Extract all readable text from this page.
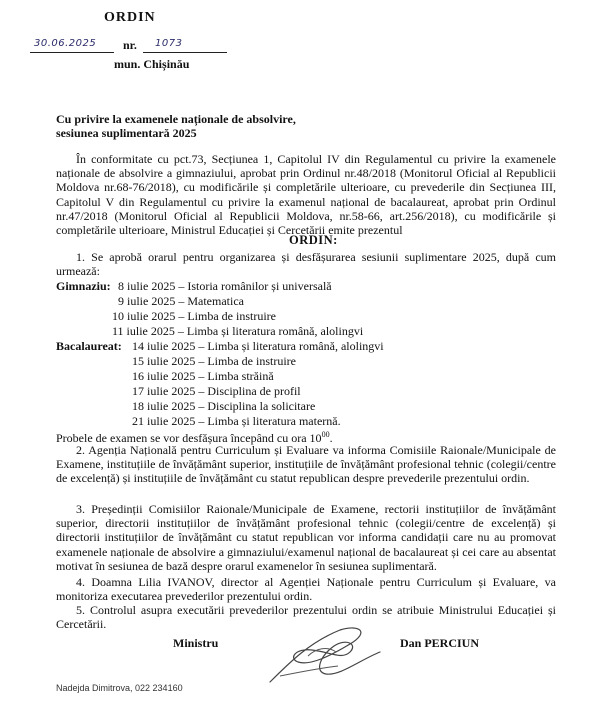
ORDIN
30.06.2025 nr. 1073
mun. Chișinău
Cu privire la examenele naționale de absolvire,
sesiunea suplimentară 2025
În conformitate cu pct.73, Secțiunea 1, Capitolul IV din Regulamentul cu privire la examenele naționale de absolvire a gimnaziului, aprobat prin Ordinul nr.48/2018 (Monitorul Oficial al Republicii Moldova nr.68-76/2018), cu modificările și completările ulterioare, cu prevederile din Secțiunea III, Capitolul V din Regulamentul cu privire la examenul național de bacalaureat, aprobat prin Ordinul nr.47/2018 (Monitorul Oficial al Republicii Moldova, nr.58-66, art.256/2018), cu modificările și completările ulterioare, Ministrul Educației și Cercetării emite prezentul
ORDIN:
1. Se aprobă orarul pentru organizarea și desfășurarea sesiunii suplimentare 2025, după cum urmează:
Gimnaziu: 8 iulie 2025 – Istoria românilor și universală
9 iulie 2025 – Matematica
10 iulie 2025 – Limba de instruire
11 iulie 2025 – Limba și literatura română, alolingvi
Bacalaureat: 14 iulie 2025 – Limba și literatura română, alolingvi
15 iulie 2025 – Limba de instruire
16 iulie 2025 – Limba străină
17 iulie 2025 – Disciplina de profil
18 iulie 2025 – Disciplina la solicitare
21 iulie 2025 – Limba și literatura maternă.
Probele de examen se vor desfășura începând cu ora $10^{00}$.
2. Agenția Națională pentru Curriculum și Evaluare va informa Comisiile Raionale/Municipale de Examene, instituțiile de învățământ superior, instituțiile de învățământ profesional tehnic (colegii/centre de excelență) și instituțiile de învățământ cu statut republican despre prevederile prezentului ordin.
3. Președinții Comisiilor Raionale/Municipale de Examene, rectorii instituțiilor de învățământ superior, directorii instituțiilor de învățământ profesional tehnic (colegii/centre de excelență) și directorii instituțiilor de învățământ cu statut republican vor informa candidații care nu au promovat examenele naționale de absolvire a gimnaziului/examenul național de bacalaureat și cei care au absentat motivat în sesiunea de bază despre orarul examenelor în sesiunea suplimentară.
4. Doamna Lilia IVANOV, director al Agenției Naționale pentru Curriculum și Evaluare, va monitoriza executarea prevederilor prezentului ordin.
5. Controlul asupra executării prevederilor prezentului ordin se atribuie Ministrului Educației și Cercetării.
Ministru	Dan PERCIUN
Nadejda Dimitrova, 022 234160
